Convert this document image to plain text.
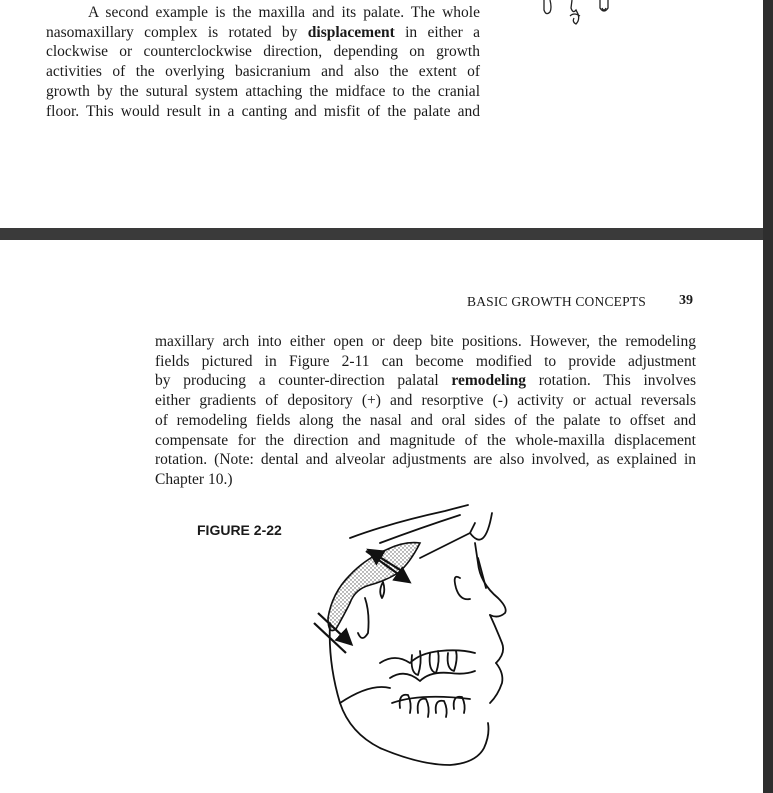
A second example is the maxilla and its palate. The whole
nasomaxillary complex is rotated by displacement in either a
clockwise or counterclockwise direction, depending on growth
activities of the overlying basicranium and also the extent of
growth by the sutural system attaching the midface to the cranial
floor. This would result in a canting and misfit of the palate and

BASIC GROWTH CONCEPTS 39

maxillary arch into either open or deep bite positions. However, the remodeling
fields pictured in Figure 2-11 can become modified to provide adjustment
by producing a counter-direction palatal remodeling rotation. This involves
either gradients of depository (+) and resorptive (-) activity or actual reversals
of remodeling fields along the nasal and oral sides of the palate to offset and
compensate for the direction and magnitude of the whole-maxilla displacement
rotation. (Note: dental and alveolar adjustments are also involved, as explained in
Chapter 10.)

FIGURE 2-22
